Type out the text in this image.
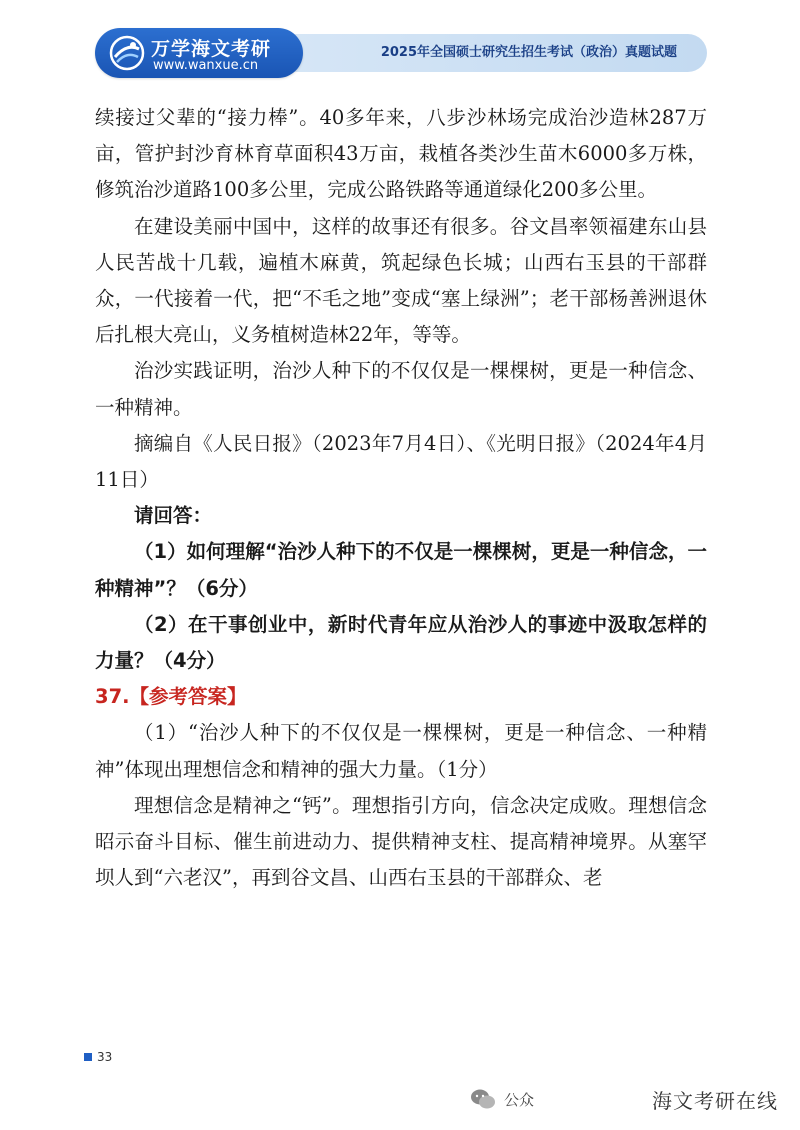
2025年全国硕士研究生招生考试（政治）真题试题
万学海文考研
www.wanxue.cn

续接过父辈的“接力棒”。40多年来，八步沙林场完成治沙造林287万亩，管护封沙育林育草面积43万亩，栽植各类沙生苗木6000多万株，修筑治沙道路100多公里，完成公路铁路等通道绿化200多公里。

在建设美丽中国中，这样的故事还有很多。谷文昌率领福建东山县人民苦战十几载，遍植木麻黄，筑起绿色长城；山西右玉县的干部群众，一代接着一代，把“不毛之地”变成“塞上绿洲”；老干部杨善洲退休后扎根大亮山，义务植树造林22年，等等。

治沙实践证明，治沙人种下的不仅仅是一棵棵树，更是一种信念、一种精神。

摘编自《人民日报》（2023年7月4日）、《光明日报》（2024年4月11日）

请回答：

（1）如何理解“治沙人种下的不仅是一棵棵树，更是一种信念，一种精神”？（6分）

（2）在干事创业中，新时代青年应从治沙人的事迹中汲取怎样的力量？（4分）

37.【参考答案】

（1）“治沙人种下的不仅仅是一棵棵树，更是一种信念、一种精神”体现出理想信念和精神的强大力量。（1分）

理想信念是精神之“钙”。理想指引方向，信念决定成败。理想信念昭示奋斗目标、催生前进动力、提供精神支柱、提高精神境界。从塞罕坝人到“六老汉”，再到谷文昌、山西右玉县的干部群众、老

33
公众	海文考研在线
